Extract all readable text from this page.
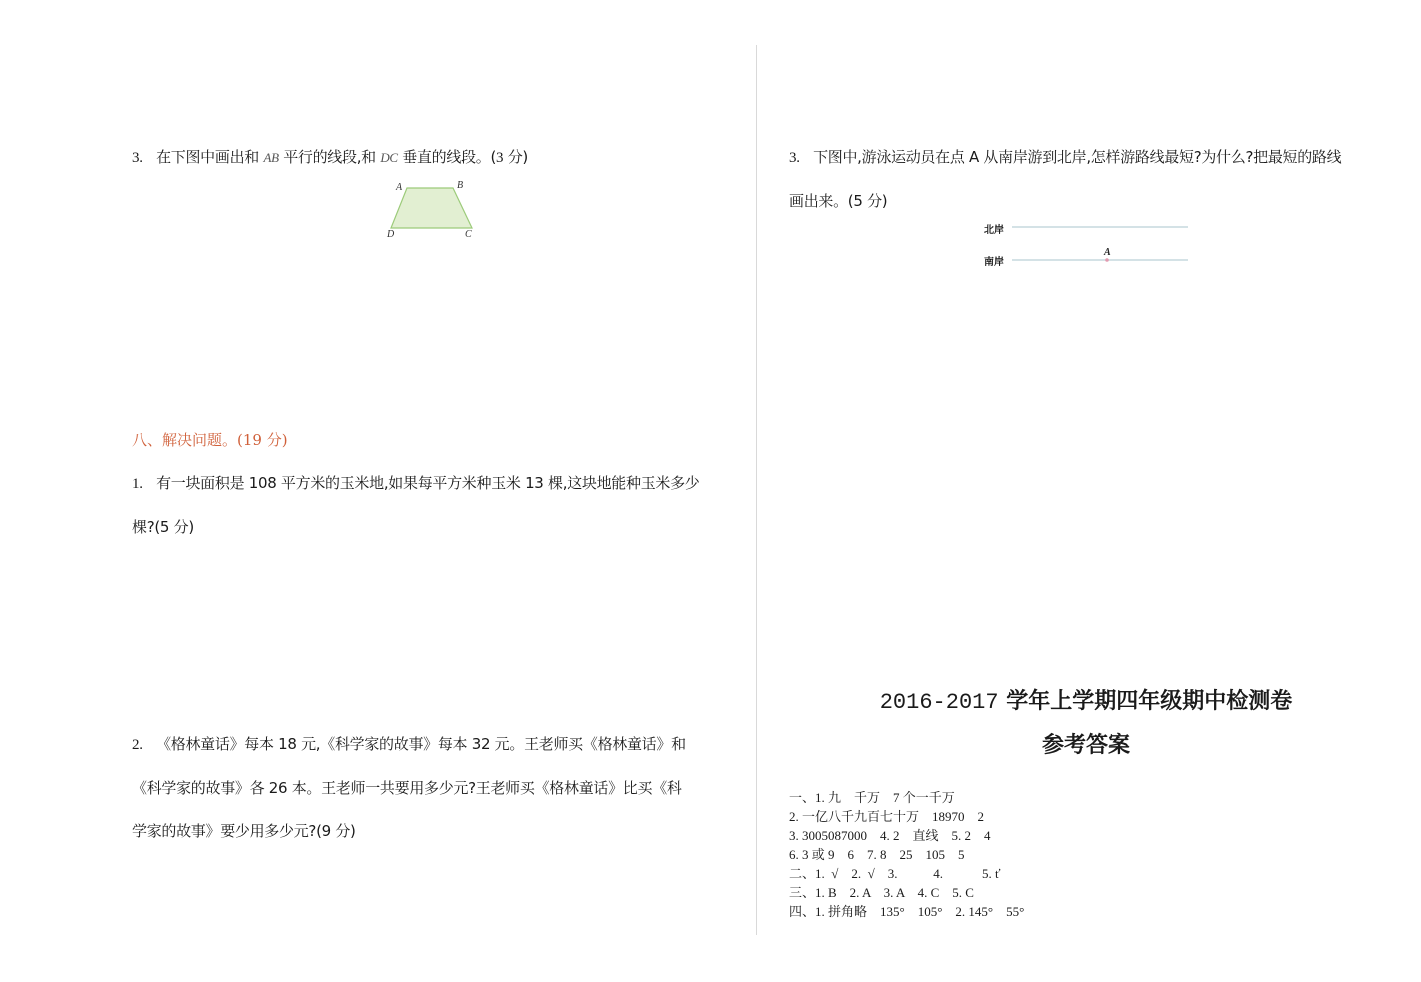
3. 在下图中画出和 AB 平行的线段,和 DC 垂直的线段。(3 分)
A	B
C
D
八、解决问题。(19 分)
1. 有一块面积是 108 平方米的玉米地,如果每平方米种玉米 13 棵,这块地能种玉米多少
棵?(5 分)
2. 《格林童话》每本 18 元,《科学家的故事》每本 32 元。王老师买《格林童话》和
《科学家的故事》各 26 本。王老师一共要用多少元?王老师买《格林童话》比买《科
学家的故事》要少用多少元?(9 分)
3. 下图中,游泳运动员在点 A 从南岸游到北岸,怎样游路线最短?为什么?把最短的路线
画出来。(5 分)
北岸
南岸
A
2016-2017 学年上学期四年级期中检测卷
参考答案
一、1. 九    千万    7 个一千万
2. 一亿八千九百七十万    18970    2
3. 3005087000    4. 2    直线    5. 2    4
6. 3 或 9    6    7. 8    25    105    5
二、1.  √    2.  √    3.           4.            5. ť
三、1. B    2. A    3. A    4. C    5. C
四、1. 拼角略    135°    105°    2. 145°    55°
